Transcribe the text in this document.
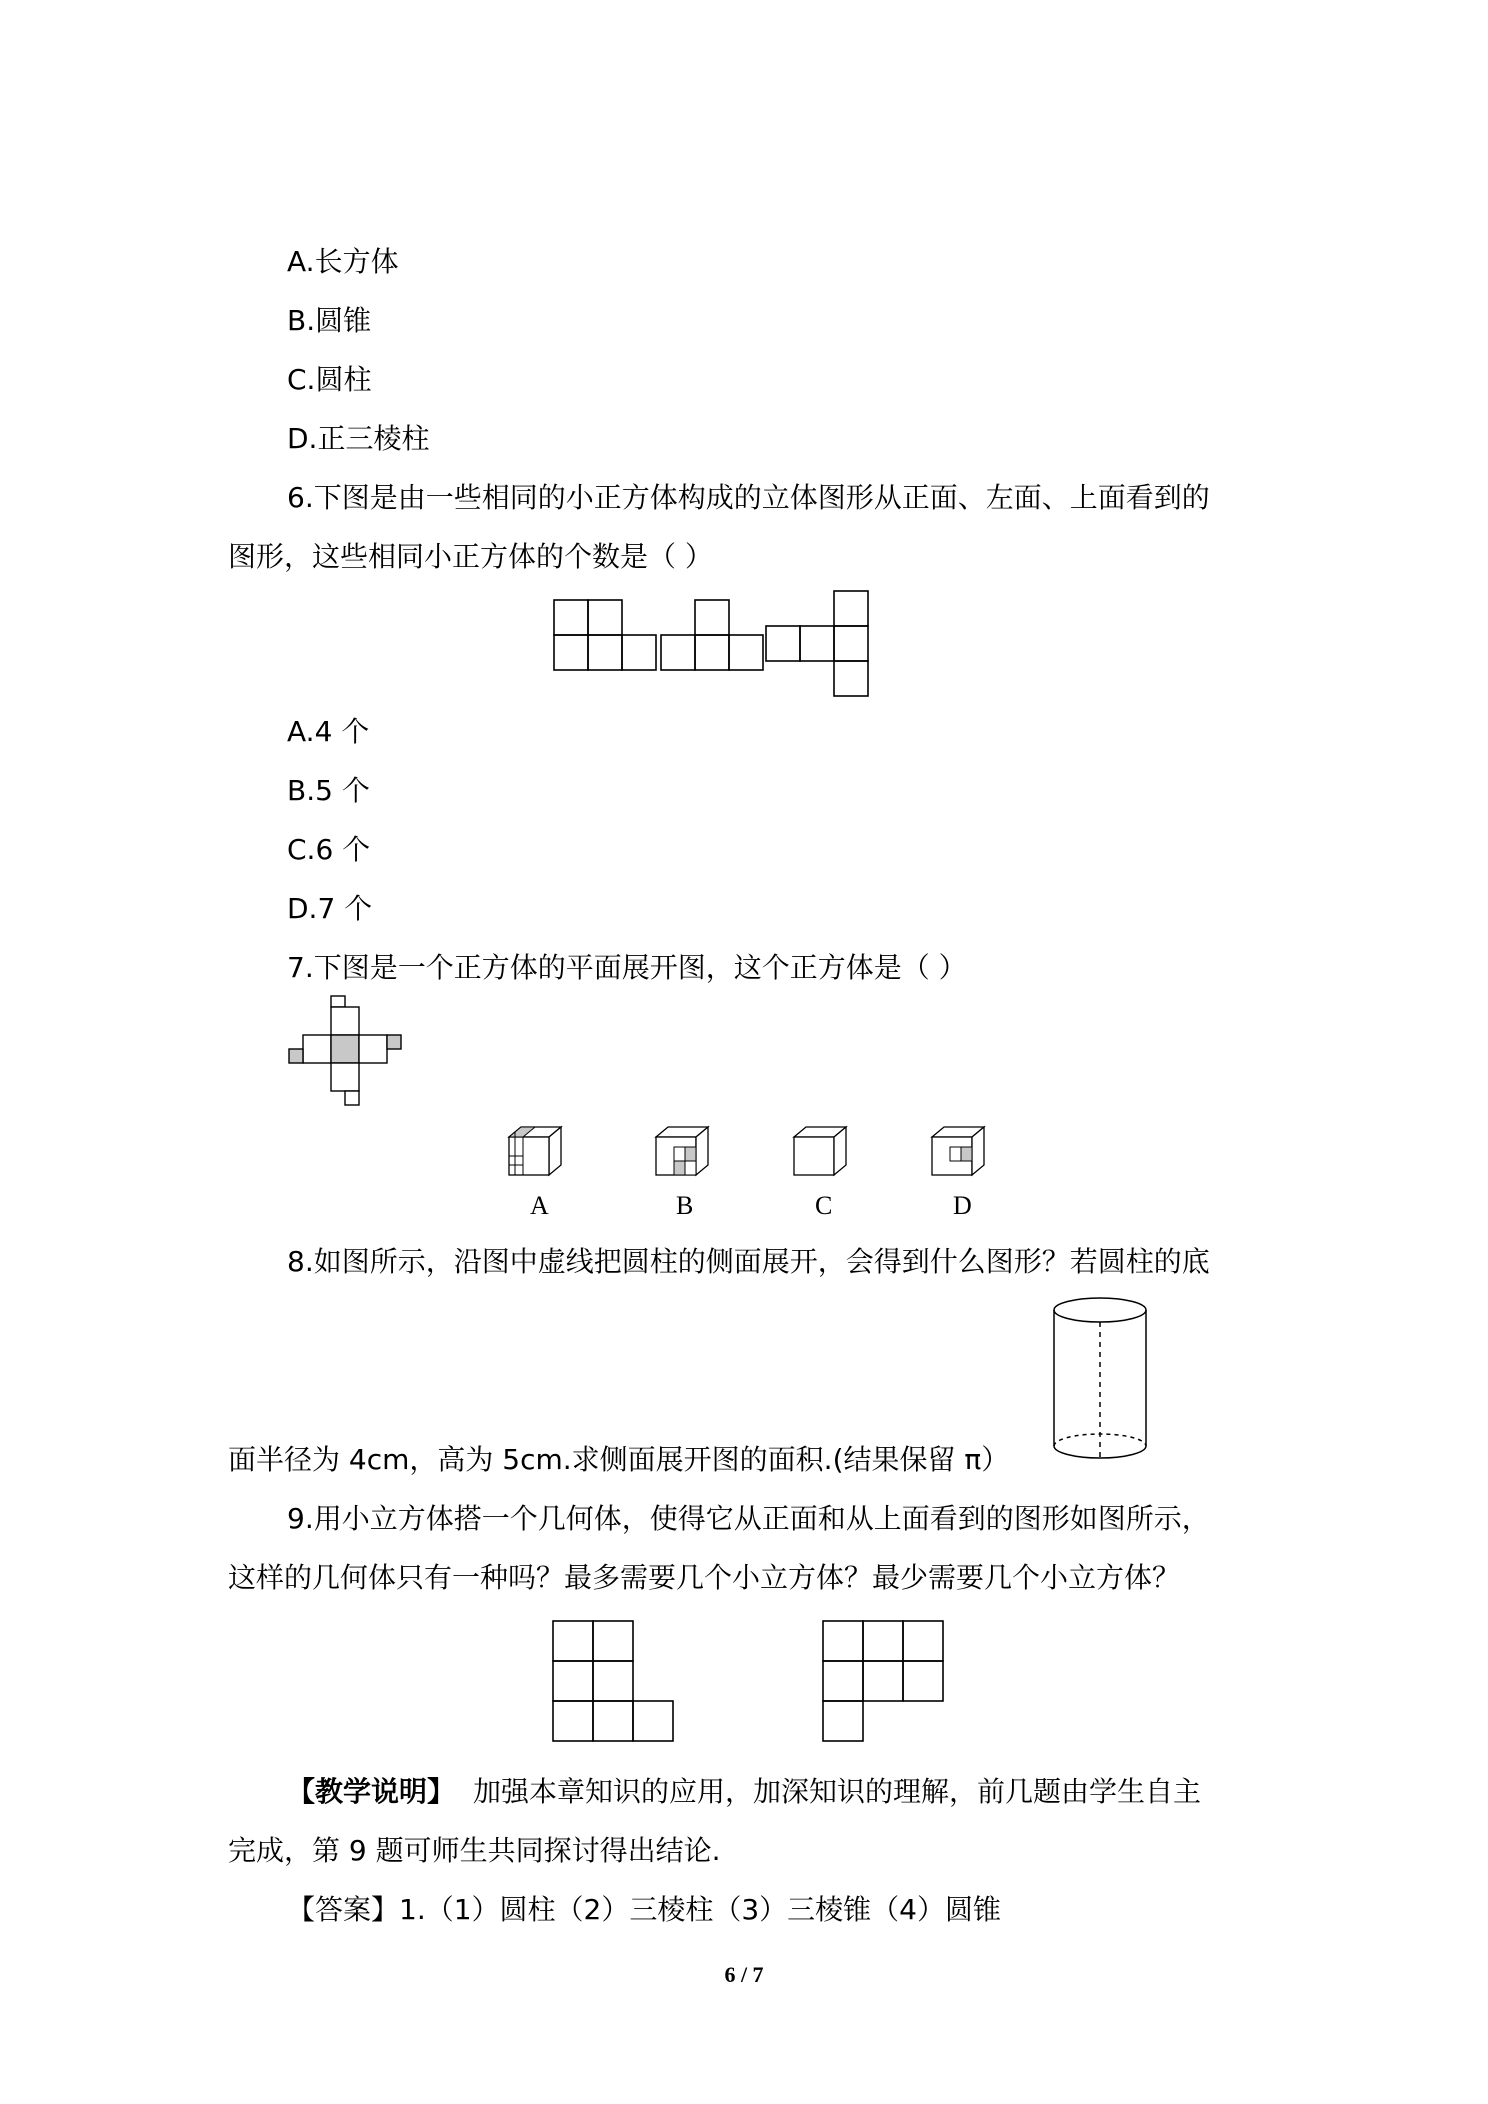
A.长方体
B.圆锥
C.圆柱
D.正三棱柱
6.下图是由一些相同的小正方体构成的立体图形从正面、左面、上面看到的
图形，这些相同小正方体的个数是（ ）
A.4 个
B.5 个
C.6 个
D.7 个
7.下图是一个正方体的平面展开图，这个正方体是（ ）
A	B	C	D
8.如图所示，沿图中虚线把圆柱的侧面展开，会得到什么图形？若圆柱的底
面半径为 4cm，高为 5cm.求侧面展开图的面积.(结果保留 π）
9.用小立方体搭一个几何体，使得它从正面和从上面看到的图形如图所示，
这样的几何体只有一种吗？最多需要几个小立方体？最少需要几个小立方体？
【教学说明】 加强本章知识的应用，加深知识的理解，前几题由学生自主
完成，第 9 题可师生共同探讨得出结论.
【答案】1.（1）圆柱（2）三棱柱（3）三棱锥（4）圆锥
6 / 7
